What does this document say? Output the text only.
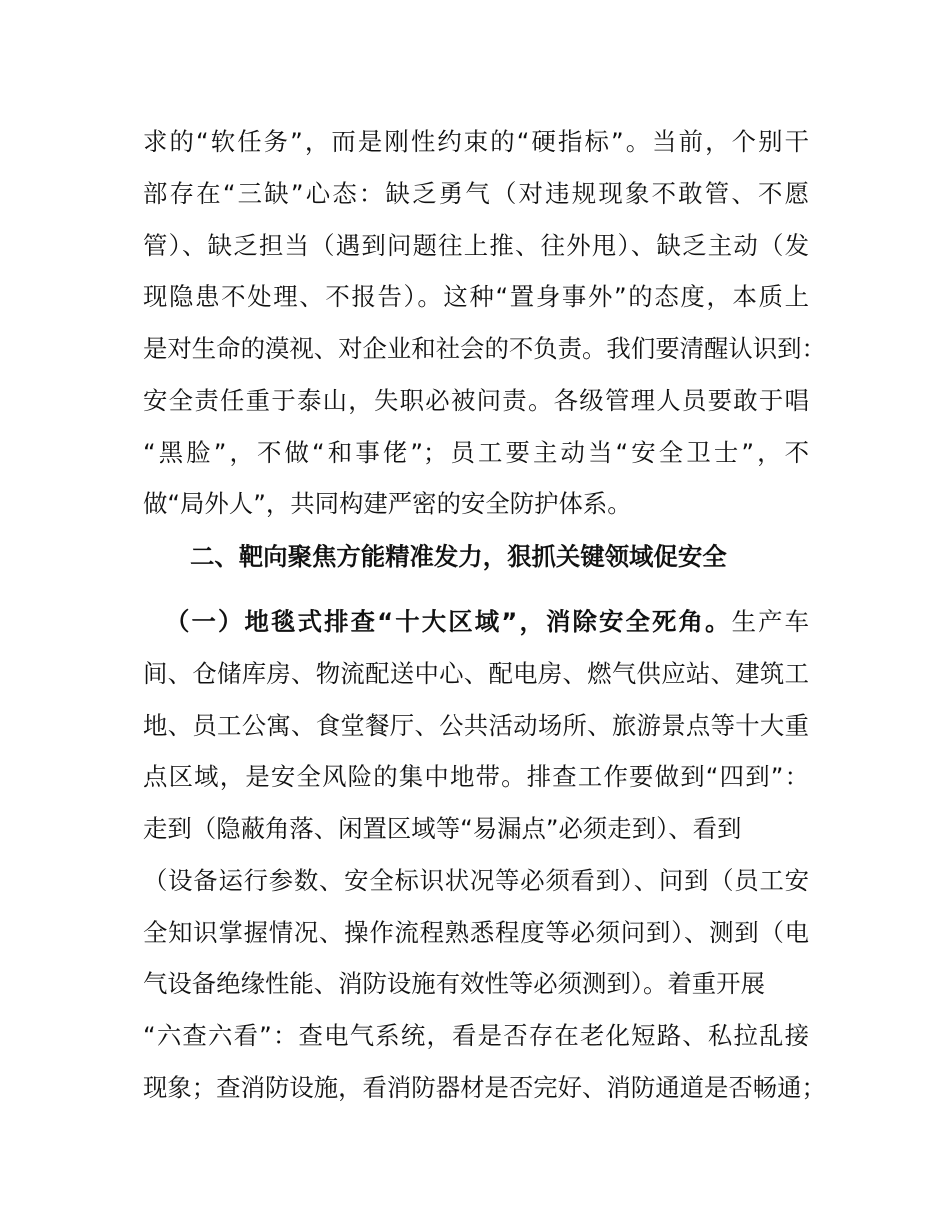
求的“软任务”，而是刚性约束的“硬指标”。当前，个别干
部存在“三缺”心态：缺乏勇气（对违规现象不敢管、不愿
管）、缺乏担当（遇到问题往上推、往外甩）、缺乏主动（发
现隐患不处理、不报告）。这种“置身事外”的态度，本质上
是对生命的漠视、对企业和社会的不负责。我们要清醒认识到：
安全责任重于泰山，失职必被问责。各级管理人员要敢于唱
“黑脸”，不做“和事佬”；员工要主动当“安全卫士”，不
做“局外人”，共同构建严密的安全防护体系。
二、靶向聚焦方能精准发力，狠抓关键领域促安全
（一）地毯式排查“十大区域”，消除安全死角。生产车
间、仓储库房、物流配送中心、配电房、燃气供应站、建筑工
地、员工公寓、食堂餐厅、公共活动场所、旅游景点等十大重
点区域，是安全风险的集中地带。排查工作要做到“四到”：
走到（隐蔽角落、闲置区域等“易漏点”必须走到）、看到
（设备运行参数、安全标识状况等必须看到）、问到（员工安
全知识掌握情况、操作流程熟悉程度等必须问到）、测到（电
气设备绝缘性能、消防设施有效性等必须测到）。着重开展
“六查六看”：查电气系统，看是否存在老化短路、私拉乱接
现象；查消防设施，看消防器材是否完好、消防通道是否畅通；
